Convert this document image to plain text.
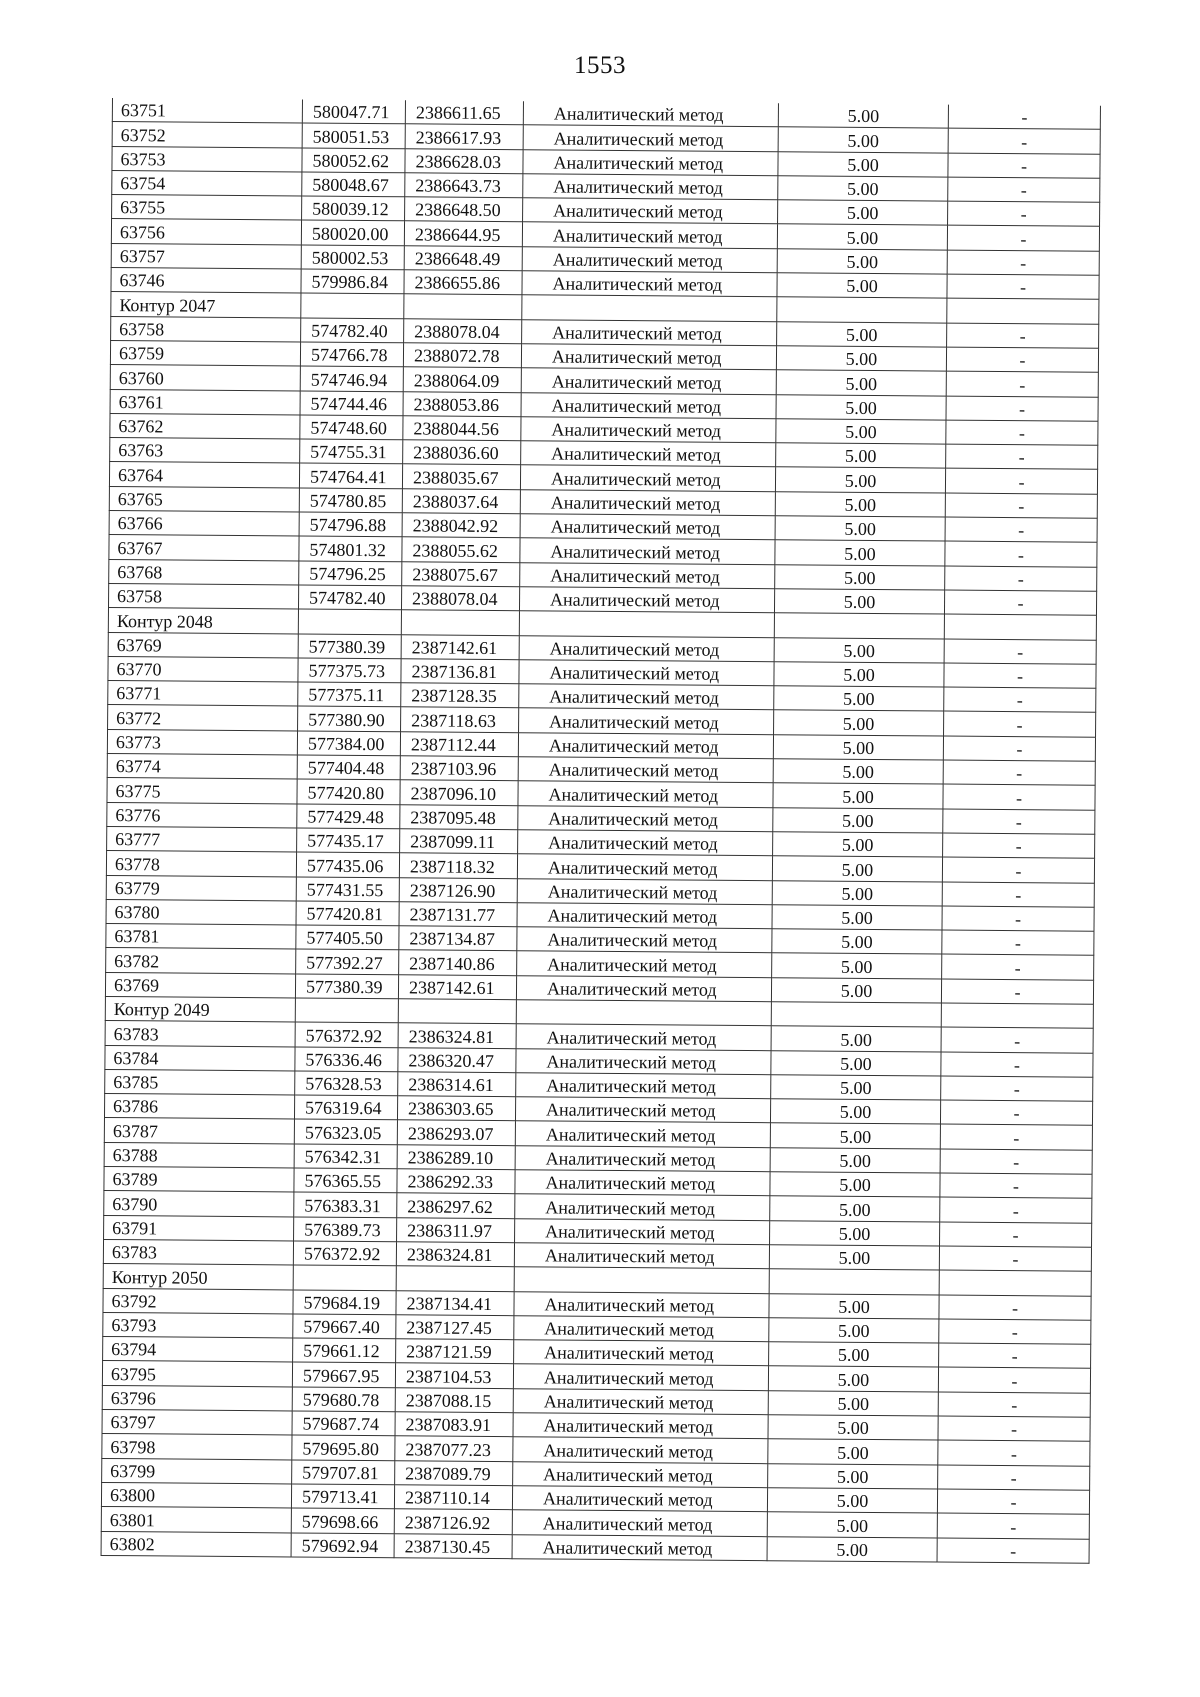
1553
63751	580047.71	2386611.65	Аналитический метод	5.00	-
63752	580051.53	2386617.93	Аналитический метод	5.00	-
63753	580052.62	2386628.03	Аналитический метод	5.00	-
63754	580048.67	2386643.73	Аналитический метод	5.00	-
63755	580039.12	2386648.50	Аналитический метод	5.00	-
63756	580020.00	2386644.95	Аналитический метод	5.00	-
63757	580002.53	2386648.49	Аналитический метод	5.00	-
63746	579986.84	2386655.86	Аналитический метод	5.00	-
Контур 2047					
63758	574782.40	2388078.04	Аналитический метод	5.00	-
63759	574766.78	2388072.78	Аналитический метод	5.00	-
63760	574746.94	2388064.09	Аналитический метод	5.00	-
63761	574744.46	2388053.86	Аналитический метод	5.00	-
63762	574748.60	2388044.56	Аналитический метод	5.00	-
63763	574755.31	2388036.60	Аналитический метод	5.00	-
63764	574764.41	2388035.67	Аналитический метод	5.00	-
63765	574780.85	2388037.64	Аналитический метод	5.00	-
63766	574796.88	2388042.92	Аналитический метод	5.00	-
63767	574801.32	2388055.62	Аналитический метод	5.00	-
63768	574796.25	2388075.67	Аналитический метод	5.00	-
63758	574782.40	2388078.04	Аналитический метод	5.00	-
Контур 2048					
63769	577380.39	2387142.61	Аналитический метод	5.00	-
63770	577375.73	2387136.81	Аналитический метод	5.00	-
63771	577375.11	2387128.35	Аналитический метод	5.00	-
63772	577380.90	2387118.63	Аналитический метод	5.00	-
63773	577384.00	2387112.44	Аналитический метод	5.00	-
63774	577404.48	2387103.96	Аналитический метод	5.00	-
63775	577420.80	2387096.10	Аналитический метод	5.00	-
63776	577429.48	2387095.48	Аналитический метод	5.00	-
63777	577435.17	2387099.11	Аналитический метод	5.00	-
63778	577435.06	2387118.32	Аналитический метод	5.00	-
63779	577431.55	2387126.90	Аналитический метод	5.00	-
63780	577420.81	2387131.77	Аналитический метод	5.00	-
63781	577405.50	2387134.87	Аналитический метод	5.00	-
63782	577392.27	2387140.86	Аналитический метод	5.00	-
63769	577380.39	2387142.61	Аналитический метод	5.00	-
Контур 2049					
63783	576372.92	2386324.81	Аналитический метод	5.00	-
63784	576336.46	2386320.47	Аналитический метод	5.00	-
63785	576328.53	2386314.61	Аналитический метод	5.00	-
63786	576319.64	2386303.65	Аналитический метод	5.00	-
63787	576323.05	2386293.07	Аналитический метод	5.00	-
63788	576342.31	2386289.10	Аналитический метод	5.00	-
63789	576365.55	2386292.33	Аналитический метод	5.00	-
63790	576383.31	2386297.62	Аналитический метод	5.00	-
63791	576389.73	2386311.97	Аналитический метод	5.00	-
63783	576372.92	2386324.81	Аналитический метод	5.00	-
Контур 2050					
63792	579684.19	2387134.41	Аналитический метод	5.00	-
63793	579667.40	2387127.45	Аналитический метод	5.00	-
63794	579661.12	2387121.59	Аналитический метод	5.00	-
63795	579667.95	2387104.53	Аналитический метод	5.00	-
63796	579680.78	2387088.15	Аналитический метод	5.00	-
63797	579687.74	2387083.91	Аналитический метод	5.00	-
63798	579695.80	2387077.23	Аналитический метод	5.00	-
63799	579707.81	2387089.79	Аналитический метод	5.00	-
63800	579713.41	2387110.14	Аналитический метод	5.00	-
63801	579698.66	2387126.92	Аналитический метод	5.00	-
63802	579692.94	2387130.45	Аналитический метод	5.00	-
